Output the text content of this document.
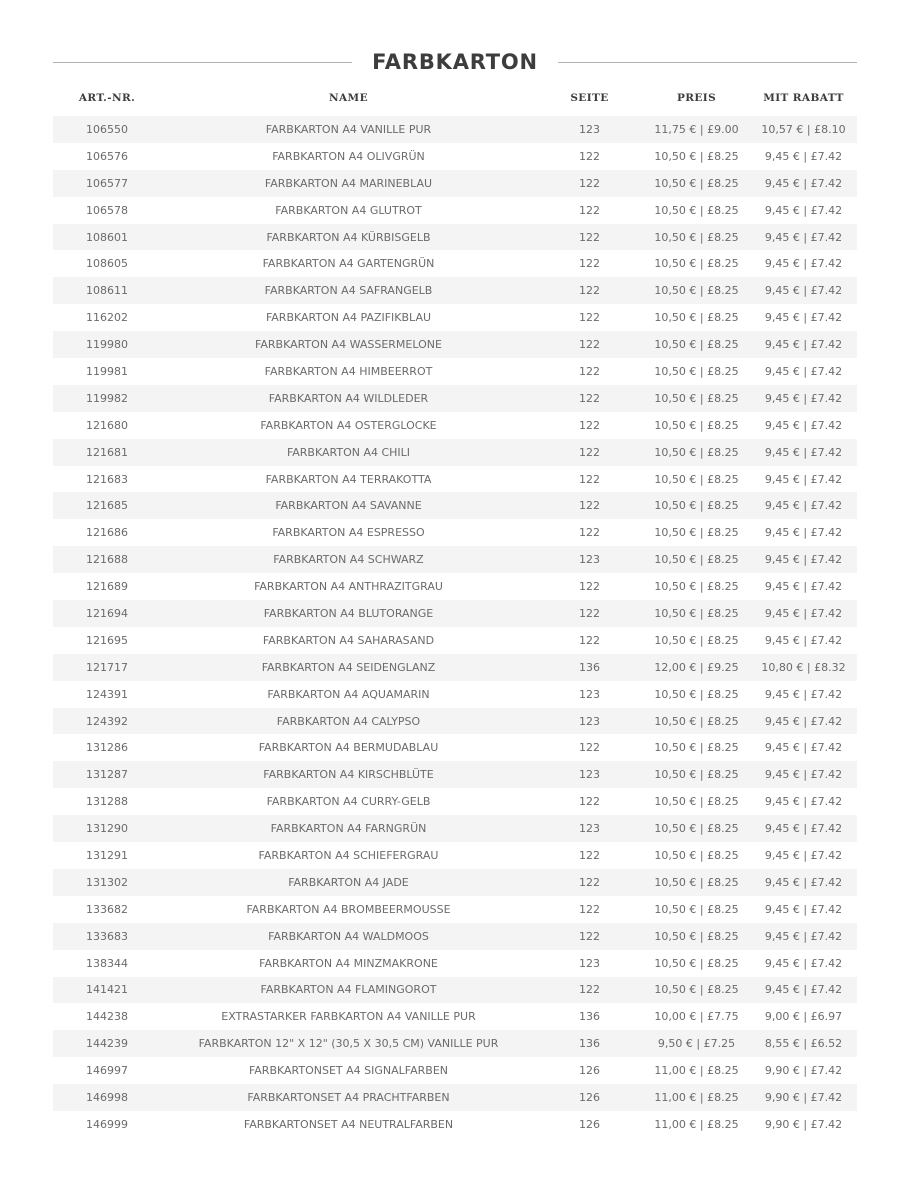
FARBKARTON
ART.-NR.	NAME	SEITE	PREIS	MIT RABATT

106550	FARBKARTON A4 VANILLE PUR	123	11,75 € | £9.00	10,57 € | £8.10
106576	FARBKARTON A4 OLIVGRÜN	122	10,50 € | £8.25	9,45 € | £7.42
106577	FARBKARTON A4 MARINEBLAU	122	10,50 € | £8.25	9,45 € | £7.42
106578	FARBKARTON A4 GLUTROT	122	10,50 € | £8.25	9,45 € | £7.42
108601	FARBKARTON A4 KÜRBISGELB	122	10,50 € | £8.25	9,45 € | £7.42
108605	FARBKARTON A4 GARTENGRÜN	122	10,50 € | £8.25	9,45 € | £7.42
108611	FARBKARTON A4 SAFRANGELB	122	10,50 € | £8.25	9,45 € | £7.42
116202	FARBKARTON A4 PAZIFIKBLAU	122	10,50 € | £8.25	9,45 € | £7.42
119980	FARBKARTON A4 WASSERMELONE	122	10,50 € | £8.25	9,45 € | £7.42
119981	FARBKARTON A4 HIMBEERROT	122	10,50 € | £8.25	9,45 € | £7.42
119982	FARBKARTON A4 WILDLEDER	122	10,50 € | £8.25	9,45 € | £7.42
121680	FARBKARTON A4 OSTERGLOCKE	122	10,50 € | £8.25	9,45 € | £7.42
121681	FARBKARTON A4 CHILI	122	10,50 € | £8.25	9,45 € | £7.42
121683	FARBKARTON A4 TERRAKOTTA	122	10,50 € | £8.25	9,45 € | £7.42
121685	FARBKARTON A4 SAVANNE	122	10,50 € | £8.25	9,45 € | £7.42
121686	FARBKARTON A4 ESPRESSO	122	10,50 € | £8.25	9,45 € | £7.42
121688	FARBKARTON A4 SCHWARZ	123	10,50 € | £8.25	9,45 € | £7.42
121689	FARBKARTON A4 ANTHRAZITGRAU	122	10,50 € | £8.25	9,45 € | £7.42
121694	FARBKARTON A4 BLUTORANGE	122	10,50 € | £8.25	9,45 € | £7.42
121695	FARBKARTON A4 SAHARASAND	122	10,50 € | £8.25	9,45 € | £7.42
121717	FARBKARTON A4 SEIDENGLANZ	136	12,00 € | £9.25	10,80 € | £8.32
124391	FARBKARTON A4 AQUAMARIN	123	10,50 € | £8.25	9,45 € | £7.42
124392	FARBKARTON A4 CALYPSO	123	10,50 € | £8.25	9,45 € | £7.42
131286	FARBKARTON A4 BERMUDABLAU	122	10,50 € | £8.25	9,45 € | £7.42
131287	FARBKARTON A4 KIRSCHBLÜTE	123	10,50 € | £8.25	9,45 € | £7.42
131288	FARBKARTON A4 CURRY-GELB	122	10,50 € | £8.25	9,45 € | £7.42
131290	FARBKARTON A4 FARNGRÜN	123	10,50 € | £8.25	9,45 € | £7.42
131291	FARBKARTON A4 SCHIEFERGRAU	122	10,50 € | £8.25	9,45 € | £7.42
131302	FARBKARTON A4 JADE	122	10,50 € | £8.25	9,45 € | £7.42
133682	FARBKARTON A4 BROMBEERMOUSSE	122	10,50 € | £8.25	9,45 € | £7.42
133683	FARBKARTON A4 WALDMOOS	122	10,50 € | £8.25	9,45 € | £7.42
138344	FARBKARTON A4 MINZMAKRONE	123	10,50 € | £8.25	9,45 € | £7.42
141421	FARBKARTON A4 FLAMINGOROT	122	10,50 € | £8.25	9,45 € | £7.42
144238	EXTRASTARKER FARBKARTON A4 VANILLE PUR	136	10,00 € | £7.75	9,00 € | £6.97
144239	FARBKARTON 12" X 12" (30,5 X 30,5 CM) VANILLE PUR	136	9,50 € | £7.25	8,55 € | £6.52
146997	FARBKARTONSET A4 SIGNALFARBEN	126	11,00 € | £8.25	9,90 € | £7.42
146998	FARBKARTONSET A4 PRACHTFARBEN	126	11,00 € | £8.25	9,90 € | £7.42
146999	FARBKARTONSET A4 NEUTRALFARBEN	126	11,00 € | £8.25	9,90 € | £7.42
